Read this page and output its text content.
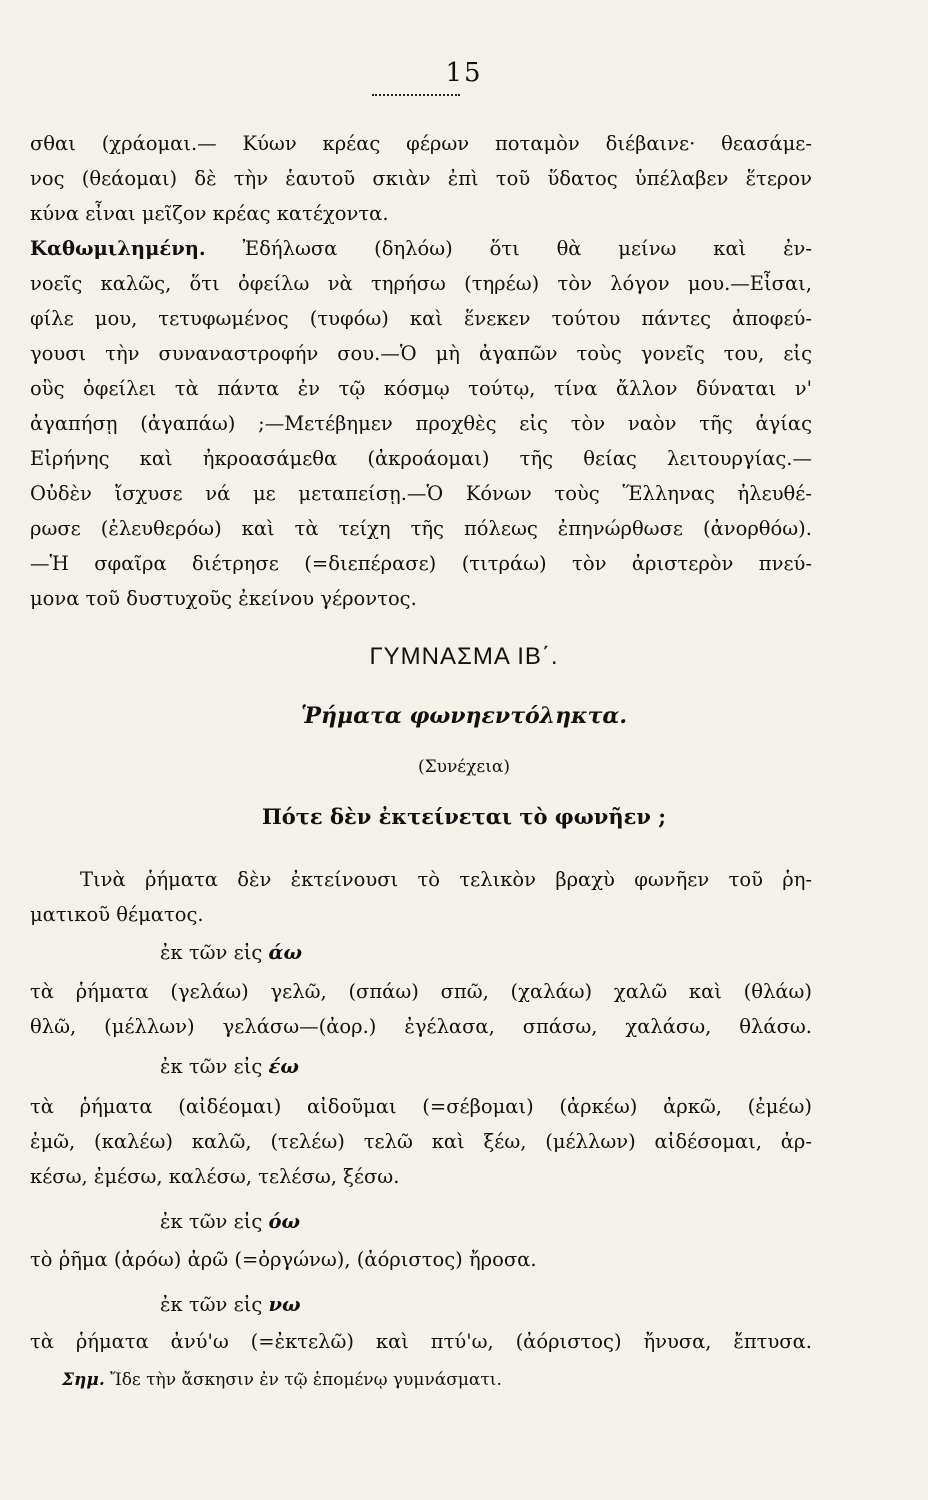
15
σθαι (χράομαι.— Κύων κρέας φέρων ποταμὸν διέβαινε· θεασάμε-
νος (θεάομαι) δὲ τὴν ἑαυτοῦ σκιὰν ἐπὶ τοῦ ὕδατος ὑπέλαβεν ἕτερον
κύνα εἶναι μεῖζον κρέας κατέχοντα.
Καθωμιλημένη. Ἐδήλωσα (δηλόω) ὅτι θὰ μείνω καὶ ἐν-
νοεῖς καλῶς, ὅτι ὀφείλω νὰ τηρήσω (τηρέω) τὸν λόγον μου.—Εἶσαι,
φίλε μου, τετυφωμένος (τυφόω) καὶ ἕνεκεν τούτου πάντες ἀποφεύ-
γουσι τὴν συναναστροφήν σου.—Ὁ μὴ ἀγαπῶν τοὺς γονεῖς του, εἰς
οὓς ὀφείλει τὰ πάντα ἐν τῷ κόσμῳ τούτῳ, τίνα ἄλλον δύναται ν'
ἀγαπήσῃ (ἀγαπάω) ;—Μετέβημεν προχθὲς εἰς τὸν ναὸν τῆς ἁγίας
Εἰρήνης καὶ ἠκροασάμεθα (ἀκροάομαι) τῆς θείας λειτουργίας.—
Οὐδὲν ἴσχυσε νά με μεταπείσῃ.—Ὁ Κόνων τοὺς Ἕλληνας ἠλευθέ-
ρωσε (ἐλευθερόω) καὶ τὰ τείχη τῆς πόλεως ἐπηνώρθωσε (ἀνορθόω).
—Ἡ σφαῖρα διέτρησε (=διεπέρασε) (τιτράω) τὸν ἀριστερὸν πνεύ-
μονα τοῦ δυστυχοῦς ἐκείνου γέροντος.
ΓΥΜΝΑΣΜΑ ΙΒ΄.
Ῥήματα φωνηεντόληκτα.
(Συνέχεια)
Πότε δὲν ἐκτείνεται τὸ φωνῆεν ;
Τινὰ ῥήματα δὲν ἐκτείνουσι τὸ τελικὸν βραχὺ φωνῆεν τοῦ ῥη-
ματικοῦ θέματος.
ἐκ τῶν εἰς άω
τὰ ῥήματα (γελάω) γελῶ, (σπάω) σπῶ, (χαλάω) χαλῶ καὶ (θλάω)
θλῶ, (μέλλων) γελάσω—(ἀορ.) ἐγέλασα, σπάσω, χαλάσω, θλάσω.
ἐκ τῶν εἰς έω
τὰ ῥήματα (αἰδέομαι) αἰδοῦμαι (=σέβομαι) (ἀρκέω) ἀρκῶ, (ἐμέω)
ἐμῶ, (καλέω) καλῶ, (τελέω) τελῶ καὶ ξέω, (μέλλων) αἰδέσομαι, ἀρ-
κέσω, ἐμέσω, καλέσω, τελέσω, ξέσω.
ἐκ τῶν εἰς όω
τὸ ῥῆμα (ἀρόω) ἀρῶ (=ὀργώνω), (ἀόριστος) ἤροσα.
ἐκ τῶν εἰς νω
τὰ ῥήματα ἀνύ'ω (=ἐκτελῶ) καὶ πτύ'ω, (ἀόριστος) ἤνυσα, ἔπτυσα.
Σημ. Ἴδε τὴν ἄσκησιν ἐν τῷ ἑπομένῳ γυμνάσματι.
